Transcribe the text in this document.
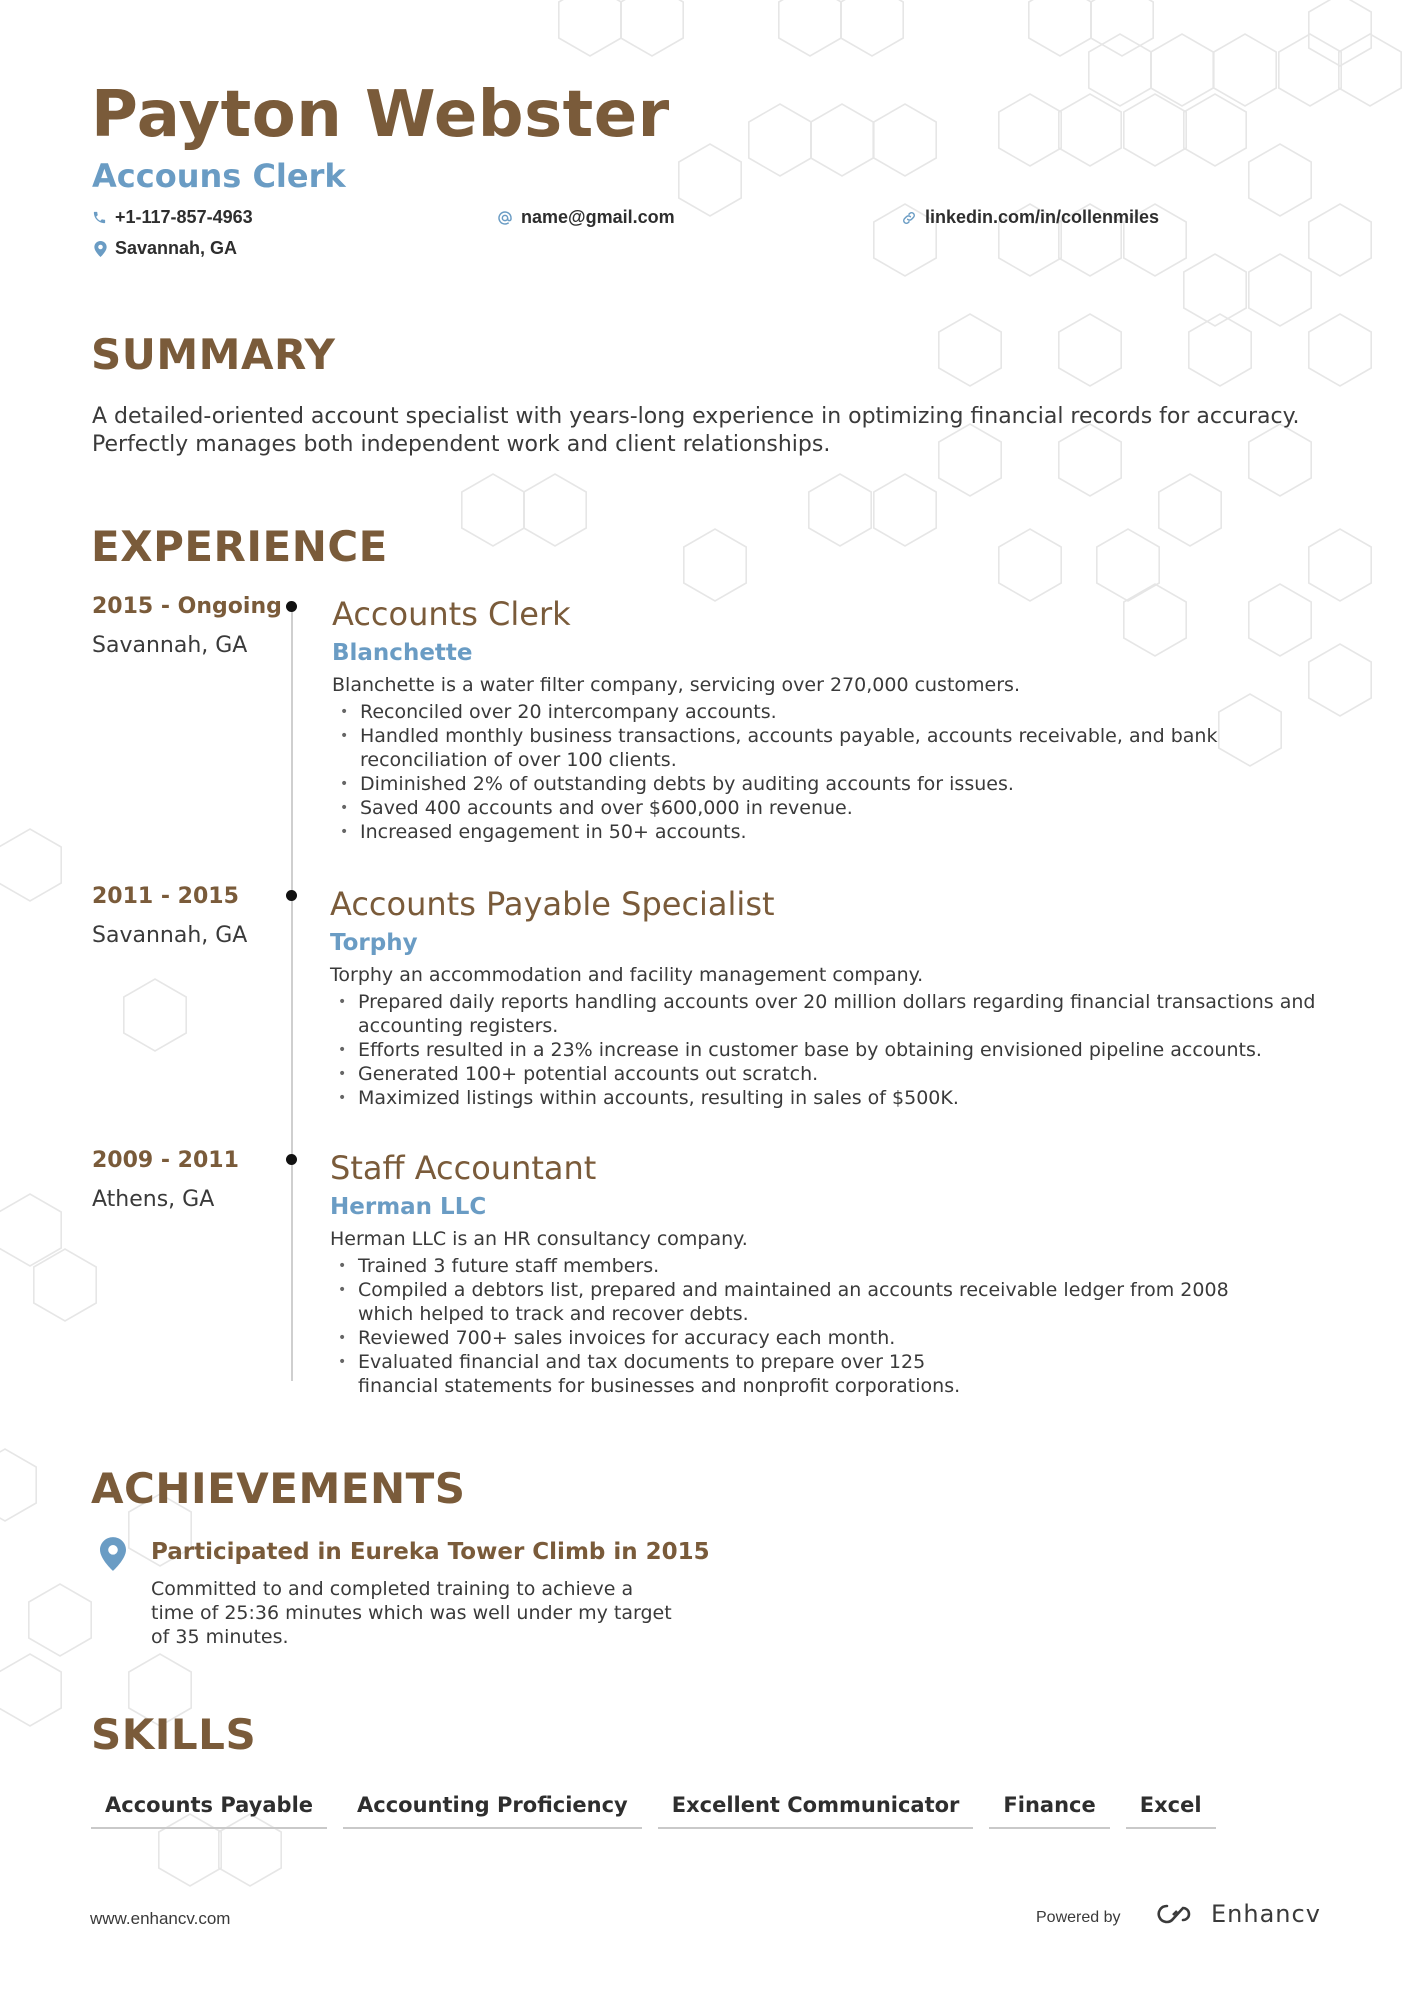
Payton Webster
Accouns Clerk
+1-117-857-4963	name@gmail.com	linkedin.com/in/collenmiles
Savannah, GA
SUMMARY
A detailed-oriented account specialist with years-long experience in optimizing financial records for accuracy. Perfectly manages both independent work and client relationships.
EXPERIENCE
2015 - Ongoing
Savannah, GA
Accounts Clerk
Blanchette
Blanchette is a water filter company, servicing over 270,000 customers.
• Reconciled over 20 intercompany accounts.
• Handled monthly business transactions, accounts payable, accounts receivable, and bank reconciliation of over 100 clients.
• Diminished 2% of outstanding debts by auditing accounts for issues.
• Saved 400 accounts and over $600,000 in revenue.
• Increased engagement in 50+ accounts.
2011 - 2015
Savannah, GA
Accounts Payable Specialist
Torphy
Torphy an accommodation and facility management company.
• Prepared daily reports handling accounts over 20 million dollars regarding financial transactions and accounting registers.
• Efforts resulted in a 23% increase in customer base by obtaining envisioned pipeline accounts.
• Generated 100+ potential accounts out scratch.
• Maximized listings within accounts, resulting in sales of $500K.
2009 - 2011
Athens, GA
Staff Accountant
Herman LLC
Herman LLC is an HR consultancy company.
• Trained 3 future staff members.
• Compiled a debtors list, prepared and maintained an accounts receivable ledger from 2008 which helped to track and recover debts.
• Reviewed 700+ sales invoices for accuracy each month.
• Evaluated financial and tax documents to prepare over 125 financial statements for businesses and nonprofit corporations.
ACHIEVEMENTS
Participated in Eureka Tower Climb in 2015
Committed to and completed training to achieve a time of 25:36 minutes which was well under my target of 35 minutes.
SKILLS
Accounts Payable	Accounting Proficiency	Excellent Communicator	Finance	Excel
www.enhancv.com	Powered by	Enhancv
